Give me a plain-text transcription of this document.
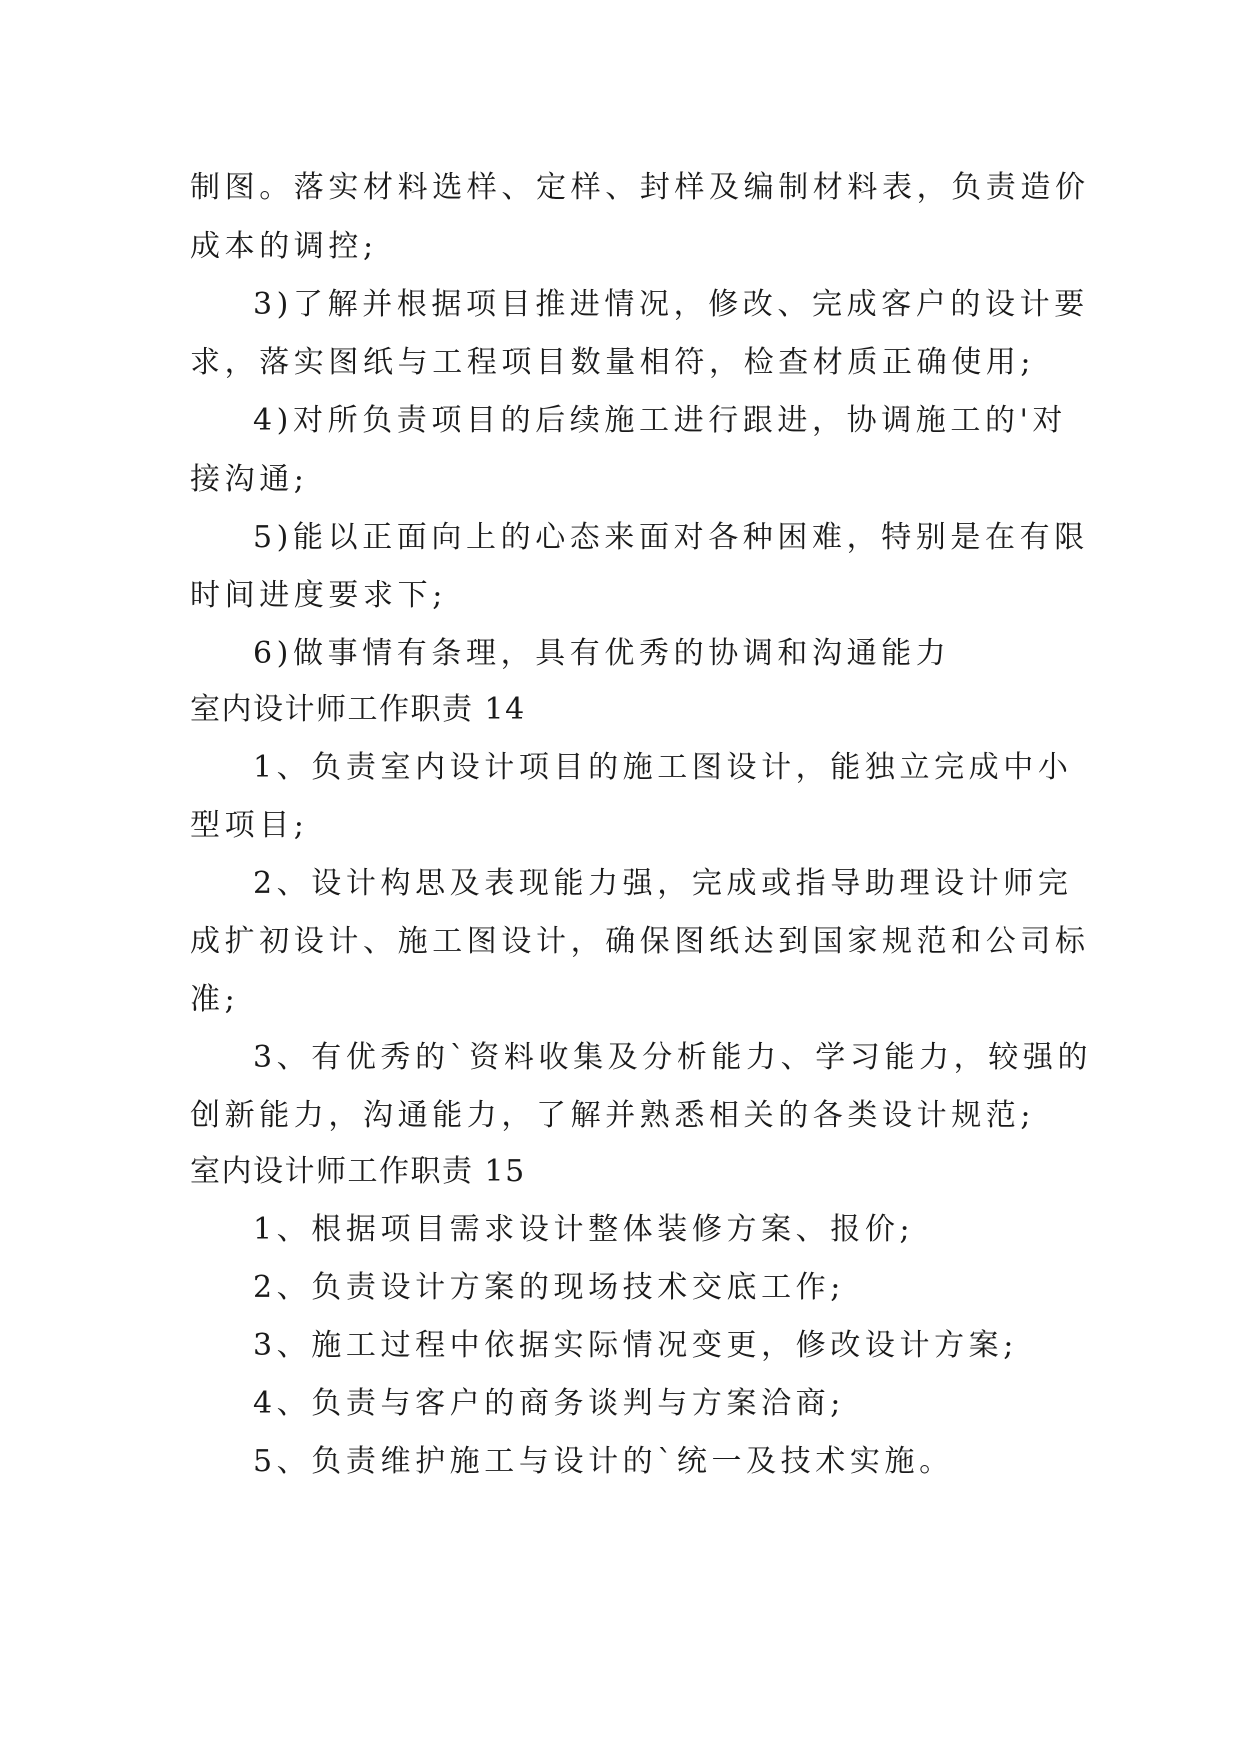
制图。落实材料选样、定样、封样及编制材料表，负责造价
成本的调控;
3)了解并根据项目推进情况，修改、完成客户的设计要
求，落实图纸与工程项目数量相符，检查材质正确使用;
4)对所负责项目的后续施工进行跟进，协调施工的'对
接沟通;
5)能以正面向上的心态来面对各种困难，特别是在有限
时间进度要求下;
6)做事情有条理，具有优秀的协调和沟通能力
室内设计师工作职责 14
1、负责室内设计项目的施工图设计，能独立完成中小
型项目;
2、设计构思及表现能力强，完成或指导助理设计师完
成扩初设计、施工图设计，确保图纸达到国家规范和公司标
准;
3、有优秀的`资料收集及分析能力、学习能力，较强的
创新能力，沟通能力，了解并熟悉相关的各类设计规范;
室内设计师工作职责 15
1、根据项目需求设计整体装修方案、报价;
2、负责设计方案的现场技术交底工作;
3、施工过程中依据实际情况变更，修改设计方案;
4、负责与客户的商务谈判与方案洽商;
5、负责维护施工与设计的`统一及技术实施。
